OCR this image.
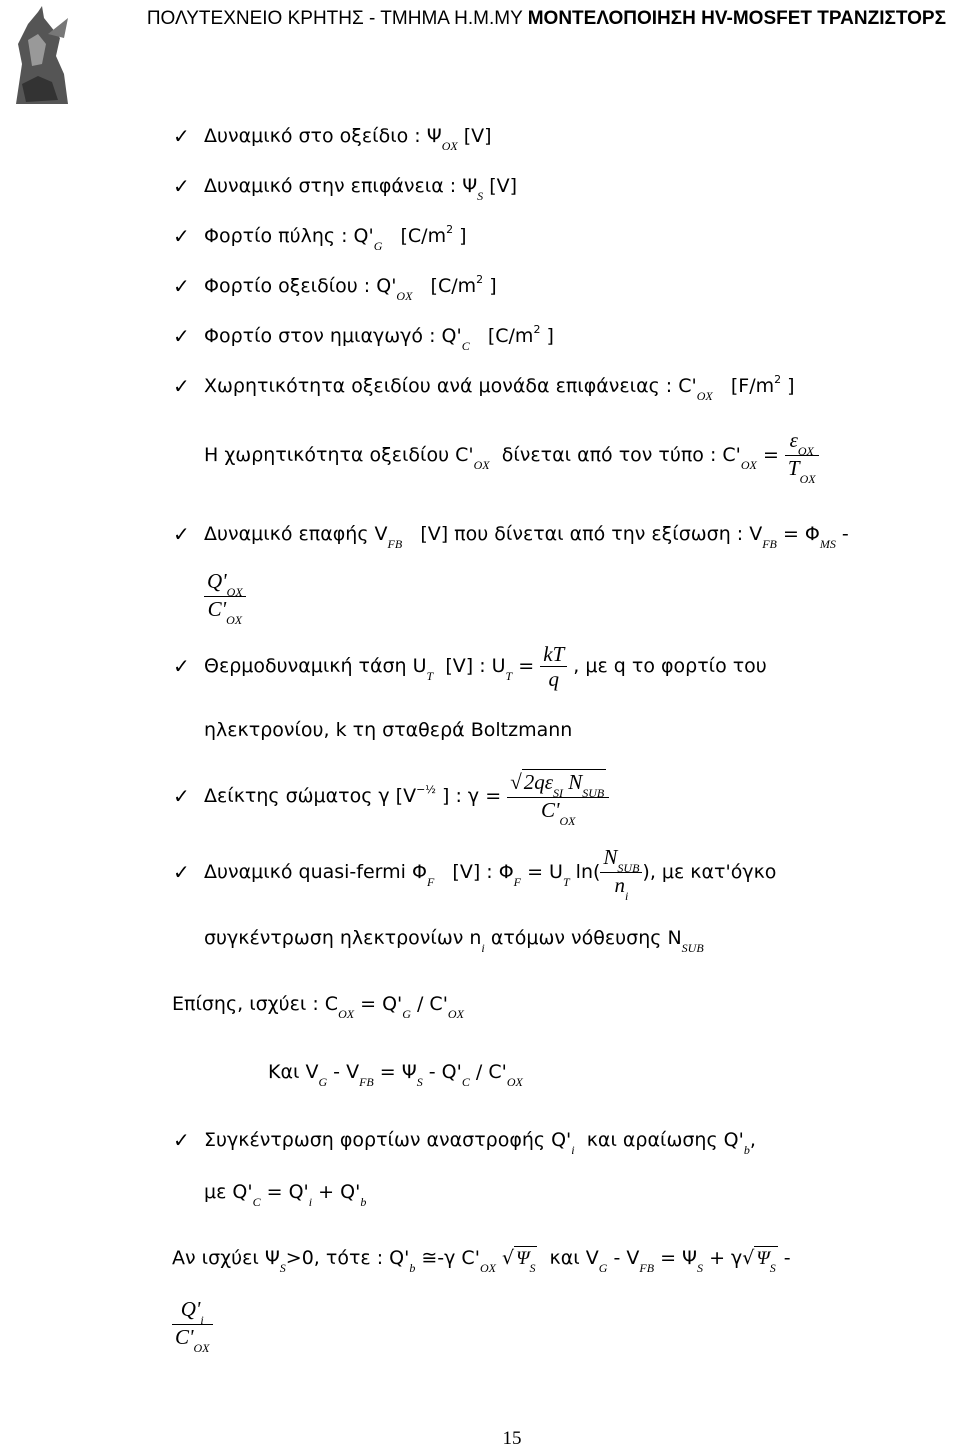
ΠΟΛΥΤΕΧΝΕΙΟ ΚΡΗΤΗΣ - ΤΜΗΜΑ Η.Μ.ΜΥ ΜΟΝΤΕΛΟΠΟΙΗΣΗ HV-MOSFET ΤΡΑΝΖΙΣΤΟΡΣ
✓ Δυναμικό στο οξείδιο : $\Psi_{OX}$ [V]
✓ Δυναμικό στην επιφάνεια : $\Psi_S$ [V]
✓ Φορτίο πύλης : $Q'_G$ [$C/m^2$ ]
✓ Φορτίο οξειδίου : $Q'_{OX}$ [$C/m^2$ ]
✓ Φορτίο στον ημιαγωγό : $Q'_C$ [$C/m^2$ ]
✓ Χωρητικότητα οξειδίου ανά μονάδα επιφάνειας : $C'_{OX}$ [$F/m^2$ ]
Η χωρητικότητα οξειδίου $C'_{OX}$ δίνεται από τον τύπο : $C'_{OX} = \frac{\varepsilon_{OX}}{T_{OX}}$
✓ Δυναμικό επαφής $V_{FB}$ [V] που δίνεται από την εξίσωση : $V_{FB} = \Phi_{MS}$ -
$\frac{Q'_{OX}}{C'_{OX}}$
✓ Θερμοδυναμική τάση $U_T$ [V] : $U_T = \frac{kT}{q}$ , με q το φορτίο του
ηλεκτρονίου, k τη σταθερά Boltzmann
✓ Δείκτης σώματος γ [$V^{-\frac{1}{2}}$ ] : $\gamma = \frac{√2q\varepsilon_{SI} N_{SUB}}{C'_{OX}}$
✓ Δυναμικό quasi-fermi $\Phi_F$ [V] : $\Phi_F = U_T$ $\ln( \frac{N_{SUB}}{n_i}$ ), με κατ'όγκο
συγκέντρωση ηλεκτρονίων $n_i$ ατόμων νόθευσης $N_{SUB}$
Επίσης, ισχύει : $C_{OX} = Q'_G / C'_{OX}$
Και $V_G - V_{FB} = \Psi_S - Q'_C / C'_{OX}$
✓ Συγκέντρωση φορτίων αναστροφής $Q'_i$ και αραίωσης $Q'_b$,
με $Q'_C = Q'_i + Q'_b$
Αν ισχύει $\Psi_S>0$, τότε : $Q'_b$ ≅-γ $C'_{OX}$ √ $\Psi_S$ και $V_G - V_{FB} = \Psi_S + \gamma√$ $\Psi_S$ -
$\frac{Q'_i}{C'_{OX}}$
15
